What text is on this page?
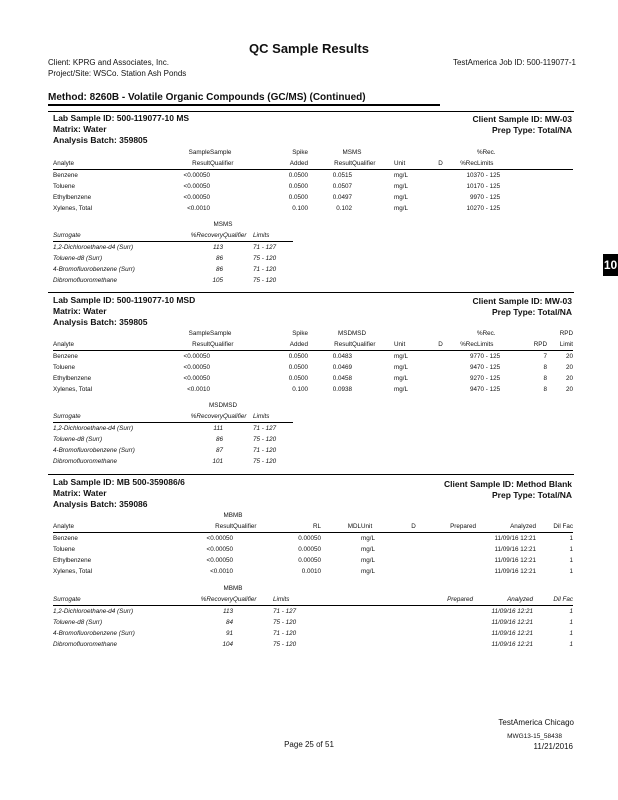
QC Sample Results
Client: KPRG and Associates, Inc.
Project/Site: WSCo. Station Ash Ponds
TestAmerica Job ID: 500-119077-1
Method: 8260B - Volatile Organic Compounds (GC/MS) (Continued)
10
Lab Sample ID: 500-119077-10 MS
Matrix: Water
Analysis Batch: 359805
Client Sample ID: MW-03
Prep Type: Total/NA
	Sample	Sample	Spike	MS	MS				%Rec.		
Analyte	Result	Qualifier	Added	Result	Qualifier	Unit	D	%Rec	Limits		
Benzene	<0.00050		0.0500	0.0515		mg/L		103	70 - 125		
Toluene	<0.00050		0.0500	0.0507		mg/L		101	70 - 125		
Ethylbenzene	<0.00050		0.0500	0.0497		mg/L		99	70 - 125		
Xylenes, Total	<0.0010		0.100	0.102		mg/L		102	70 - 125		
	MS	MS	
Surrogate	%Recovery	Qualifier	Limits
1,2-Dichloroethane-d4 (Surr)	113		71 - 127
Toluene-d8 (Surr)	86		75 - 120
4-Bromofluorobenzene (Surr)	86		71 - 120
Dibromofluoromethane	105		75 - 120
Lab Sample ID: 500-119077-10 MSD
Matrix: Water
Analysis Batch: 359805
Client Sample ID: MW-03
Prep Type: Total/NA
	Sample	Sample	Spike	MSD	MSD				%Rec.		RPD
Analyte	Result	Qualifier	Added	Result	Qualifier	Unit	D	%Rec	Limits	RPD	Limit
Benzene	<0.00050		0.0500	0.0483		mg/L		97	70 - 125	7	20
Toluene	<0.00050		0.0500	0.0469		mg/L		94	70 - 125	8	20
Ethylbenzene	<0.00050		0.0500	0.0458		mg/L		92	70 - 125	8	20
Xylenes, Total	<0.0010		0.100	0.0938		mg/L		94	70 - 125	8	20
	MSD	MSD	
Surrogate	%Recovery	Qualifier	Limits
1,2-Dichloroethane-d4 (Surr)	111		71 - 127
Toluene-d8 (Surr)	86		75 - 120
4-Bromofluorobenzene (Surr)	87		71 - 120
Dibromofluoromethane	101		75 - 120
Lab Sample ID: MB 500-359086/6
Matrix: Water
Analysis Batch: 359086
Client Sample ID: Method Blank
Prep Type: Total/NA
	MB	MB							
Analyte	Result	Qualifier	RL	MDL	Unit	D	Prepared	Analyzed	Dil Fac
Benzene	<0.00050		0.00050		mg/L			11/09/16 12:21	1
Toluene	<0.00050		0.00050		mg/L			11/09/16 12:21	1
Ethylbenzene	<0.00050		0.00050		mg/L			11/09/16 12:21	1
Xylenes, Total	<0.0010		0.0010		mg/L			11/09/16 12:21	1
	MB	MB				
Surrogate	%Recovery	Qualifier	Limits	Prepared	Analyzed	Dil Fac
1,2-Dichloroethane-d4 (Surr)	113		71 - 127		11/09/16 12:21	1
Toluene-d8 (Surr)	84		75 - 120		11/09/16 12:21	1
4-Bromofluorobenzene (Surr)	91		71 - 120		11/09/16 12:21	1
Dibromofluoromethane	104		75 - 120		11/09/16 12:21	1
TestAmerica Chicago
Page 25 of 51
MWG13-15_58438
11/21/2016
